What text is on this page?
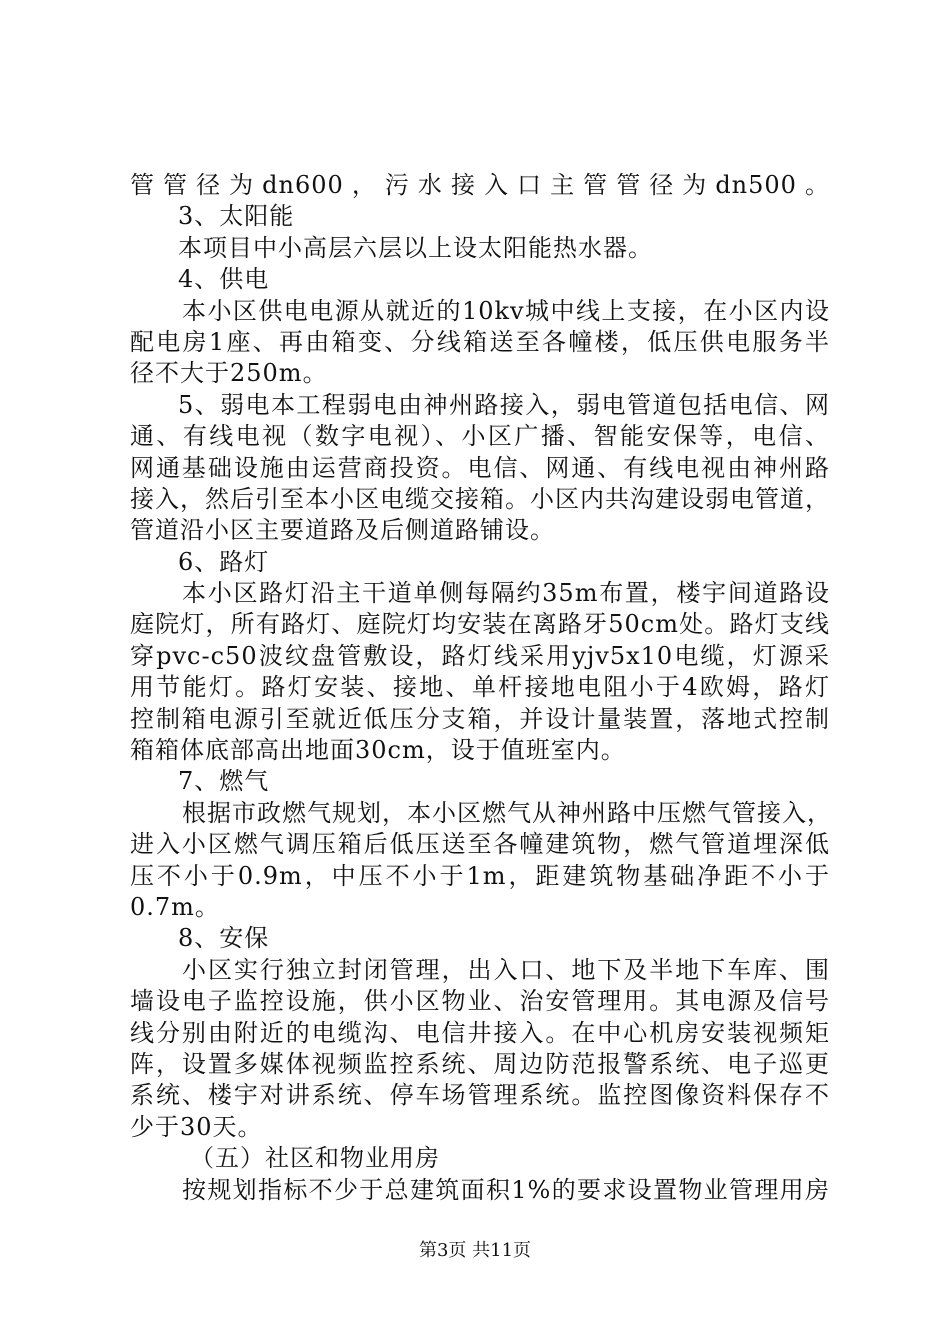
管管径为dn600，污水接入口主管管径为dn500。
3、太阳能
本项目中小高层六层以上设太阳能热水器。
4、供电
本小区供电电源从就近的10kv城中线上支接，在小区内设
配电房1座、再由箱变、分线箱送至各幢楼，低压供电服务半
径不大于250m。
5、弱电本工程弱电由神州路接入，弱电管道包括电信、网
通、有线电视（数字电视）、小区广播、智能安保等，电信、
网通基础设施由运营商投资。电信、网通、有线电视由神州路
接入，然后引至本小区电缆交接箱。小区内共沟建设弱电管道，
管道沿小区主要道路及后侧道路铺设。
6、路灯
本小区路灯沿主干道单侧每隔约35m布置，楼宇间道路设
庭院灯，所有路灯、庭院灯均安装在离路牙50cm处。路灯支线
穿pvc-c50波纹盘管敷设，路灯线采用yjv5x10电缆，灯源采
用节能灯。路灯安装、接地、单杆接地电阻小于4欧姆，路灯
控制箱电源引至就近低压分支箱，并设计量装置，落地式控制
箱箱体底部高出地面30cm，设于值班室内。
7、燃气
根据市政燃气规划，本小区燃气从神州路中压燃气管接入，
进入小区燃气调压箱后低压送至各幢建筑物，燃气管道埋深低
压不小于0.9m，中压不小于1m，距建筑物基础净距不小于
0.7m。
8、安保
小区实行独立封闭管理，出入口、地下及半地下车库、围
墙设电子监控设施，供小区物业、治安管理用。其电源及信号
线分别由附近的电缆沟、电信井接入。在中心机房安装视频矩
阵，设置多媒体视频监控系统、周边防范报警系统、电子巡更
系统、楼宇对讲系统、停车场管理系统。监控图像资料保存不
少于30天。
（五）社区和物业用房
按规划指标不少于总建筑面积1%的要求设置物业管理用房
第3页 共11页
